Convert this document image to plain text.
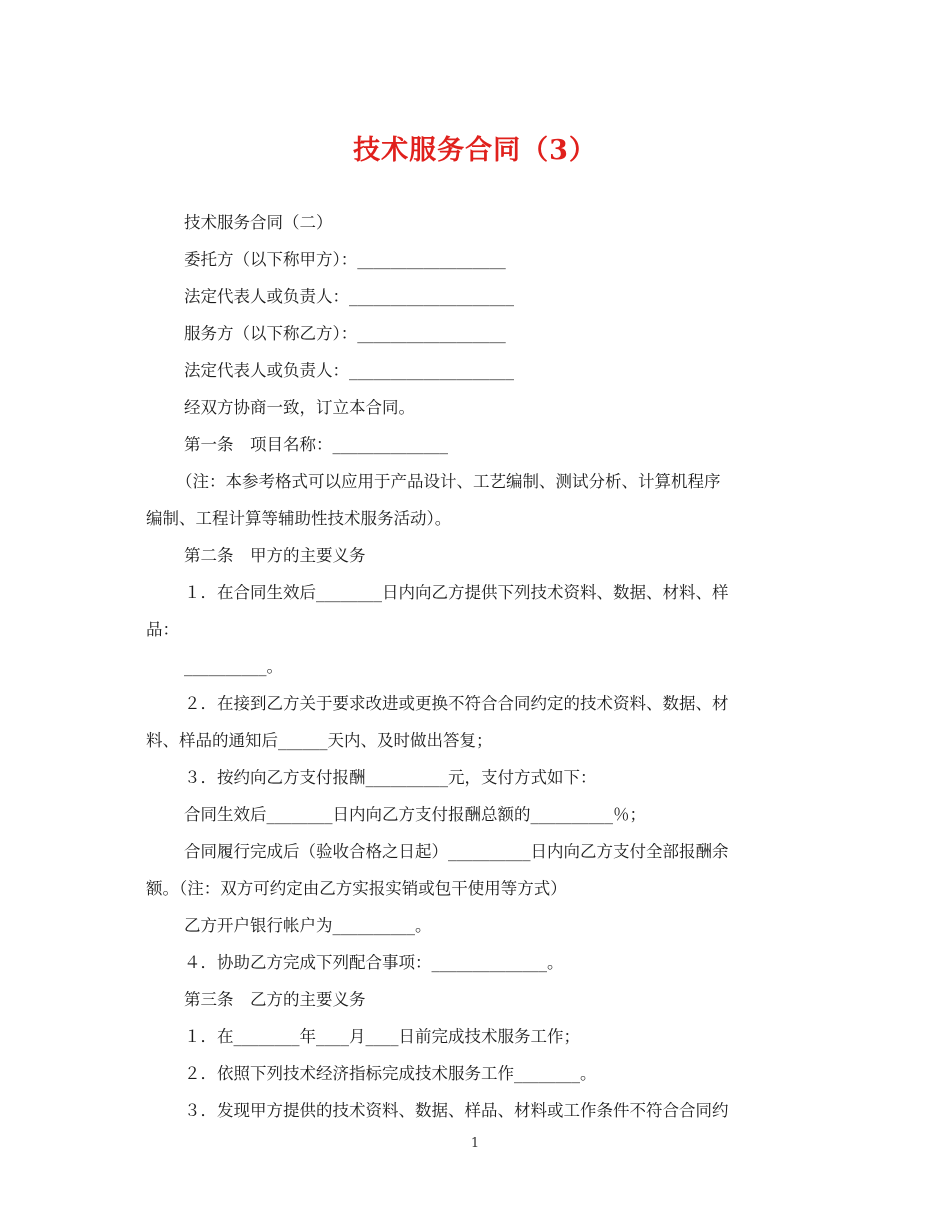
技术服务合同（3）

技术服务合同（二）

委托方（以下称甲方）：__________________

法定代表人或负责人：____________________

服务方（以下称乙方）：__________________

法定代表人或负责人：____________________

经双方协商一致，订立本合同。

第一条　项目名称：______________

（注：本参考格式可以应用于产品设计、工艺编制、测试分析、计算机程序

编制、工程计算等辅助性技术服务活动）。

第二条　甲方的主要义务

１．在合同生效后________日内向乙方提供下列技术资料、数据、材料、样

品：

__________。

２．在接到乙方关于要求改进或更换不符合合同约定的技术资料、数据、材

料、样品的通知后______天内、及时做出答复；

３．按约向乙方支付报酬__________元，支付方式如下：

合同生效后________日内向乙方支付报酬总额的__________％；

合同履行完成后（验收合格之日起）__________日内向乙方支付全部报酬余

额。（注：双方可约定由乙方实报实销或包干使用等方式）

乙方开户银行帐户为__________。

４．协助乙方完成下列配合事项：______________。

第三条　乙方的主要义务

１．在________年____月____日前完成技术服务工作；

２．依照下列技术经济指标完成技术服务工作________。

３．发现甲方提供的技术资料、数据、样品、材料或工作条件不符合合同约

1
